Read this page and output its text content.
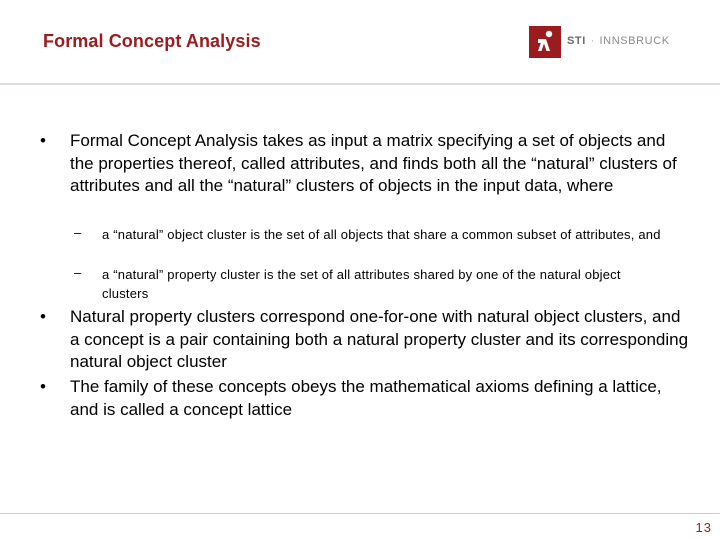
Formal Concept Analysis	STI · INNSBRUCK
• Formal Concept Analysis takes as input a matrix specifying a set of objects and the properties thereof, called attributes, and finds both all the “natural” clusters of attributes and all the “natural” clusters of objects in the input data, where
– a “natural” object cluster is the set of all objects that share a common subset of attributes, and
– a “natural” property cluster is the set of all attributes shared by one of the natural object clusters
• Natural property clusters correspond one-for-one with natural object clusters, and a concept is a pair containing both a natural property cluster and its corresponding natural object cluster
• The family of these concepts obeys the mathematical axioms defining a lattice, and is called a concept lattice
13
